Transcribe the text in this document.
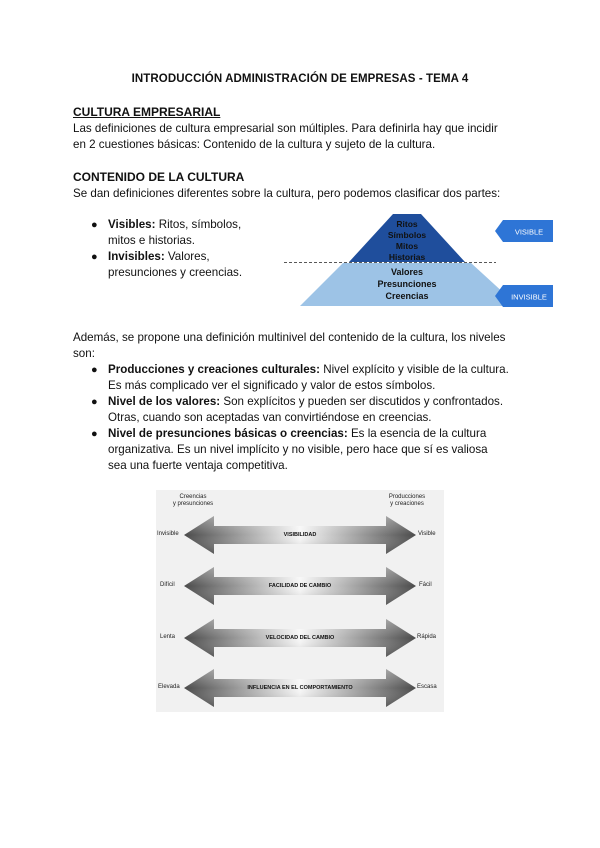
INTRODUCCIÓN ADMINISTRACIÓN DE EMPRESAS - TEMA 4
CULTURA EMPRESARIAL
Las definiciones de cultura empresarial son múltiples. Para definirla hay que incidir
en 2 cuestiones básicas: Contenido de la cultura y sujeto de la cultura.
CONTENIDO DE LA CULTURA
Se dan definiciones diferentes sobre la cultura, pero podemos clasificar dos partes:
● Visibles: Ritos, símbolos,
mitos e historias.
● Invisibles: Valores,
presunciones y creencias.
Ritos
Símbolos
Mitos
Historias
Valores
Presunciones
Creencias
VISIBLE
INVISIBLE
Además, se propone una definición multinivel del contenido de la cultura, los niveles
son:
● Producciones y creaciones culturales: Nivel explícito y visible de la cultura.
Es más complicado ver el significado y valor de estos símbolos.
● Nivel de los valores: Son explícitos y pueden ser discutidos y confrontados.
Otras, cuando son aceptadas van convirtiéndose en creencias.
● Nivel de presunciones básicas o creencias: Es la esencia de la cultura
organizativa. Es un nivel implícito y no visible, pero hace que sí es valiosa
sea una fuerte ventaja competitiva.
Creencias
y presunciones
Producciones
y creaciones
Invisible	VISIBILIDAD	Visible
Difícil	FACILIDAD DE CAMBIO	Fácil
Lenta	VELOCIDAD DEL CAMBIO	Rápida
Elevada	INFLUENCIA EN EL COMPORTAMIENTO	Escasa
